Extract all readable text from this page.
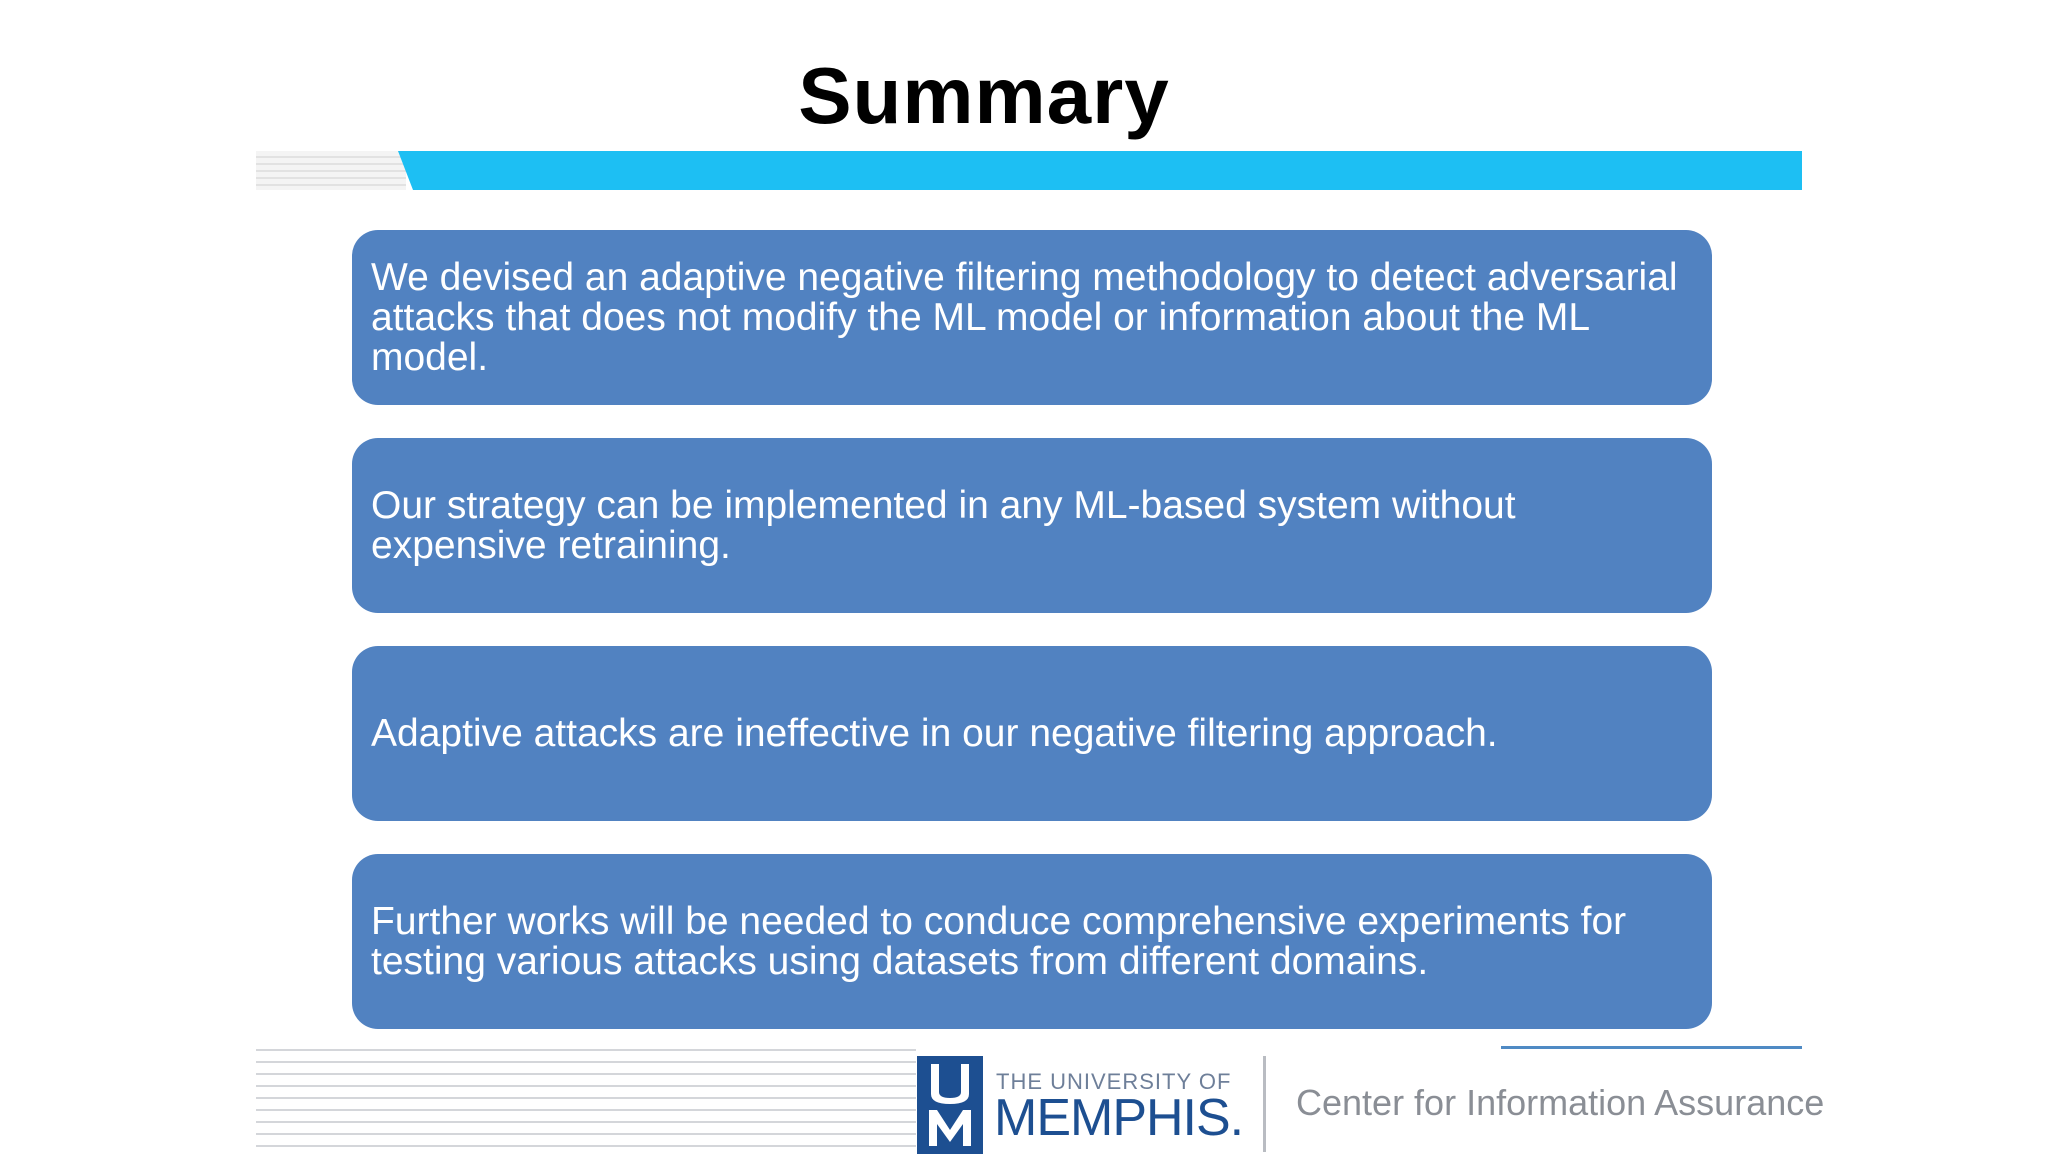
Summary
We devised an adaptive negative filtering methodology to detect adversarial attacks that does not modify the ML model or information about the ML model.
Our strategy can be implemented in any ML-based system without expensive retraining.
Adaptive attacks are ineffective in our negative filtering approach.
Further works will be needed to conduce comprehensive experiments for testing various attacks using datasets from different domains.
THE UNIVERSITY OF
MEMPHIS. Center for Information Assurance
